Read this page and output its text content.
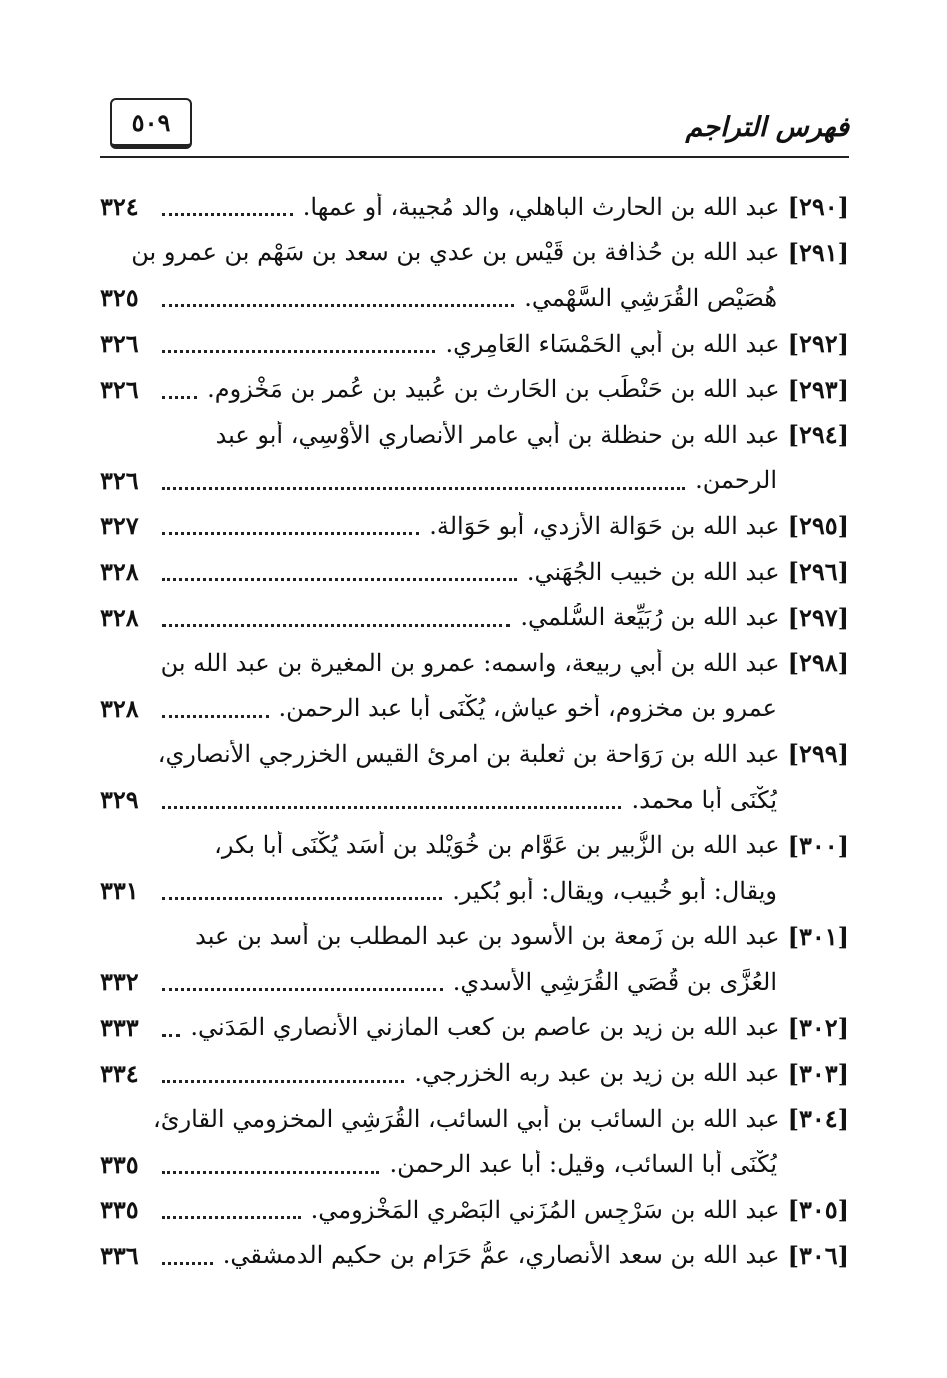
٥٠٩	فهرس التراجم
[٢٩٠]
عبد الله بن الحارث الباهلي، والد مُجيبة، أو عمها.
٣٢٤
[٢٩١]
عبد الله بن حُذافة بن قَيْس بن عدي بن سعد بن سَهْم بن عمرو بن
هُصَيْص القُرَشِي السَّهْمي.
٣٢٥
[٢٩٢]
عبد الله بن أبي الحَمْسَاء العَامِري.
٣٢٦
[٢٩٣]
عبد الله بن حَنْطَب بن الحَارِث بن عُبيد بن عُمر بن مَخْزوم.
٣٢٦
[٢٩٤]
عبد الله بن حنظلة بن أبي عامر الأنصاري الأَوْسِي، أبو عبد
الرحمن.
٣٢٦
[٢٩٥]
عبد الله بن حَوَالة الأزدي، أبو حَوَالة.
٣٢٧
[٢٩٦]
عبد الله بن خبيب الجُهَني.
٣٢٨
[٢٩٧]
عبد الله بن رُبَيِّعة السُّلمي.
٣٢٨
[٢٩٨]
عبد الله بن أبي ربيعة، واسمه: عمرو بن المغيرة بن عبد الله بن
عمرو بن مخزوم، أخو عياش، يُكْنَى أبا عبد الرحمن.
٣٢٨
[٢٩٩]
عبد الله بن رَوَاحة بن ثعلبة بن امرئ القيس الخزرجي الأنصاري،
يُكْنَى أبا محمد.
٣٢٩
[٣٠٠]
عبد الله بن الزُّبير بن عَوَّام بن خُوَيْلد بن أَسَد يُكْنَى أبا بكر،
ويقال: أبو خُبيب، ويقال: أبو بُكير.
٣٣١
[٣٠١]
عبد الله بن زَمعة بن الأسود بن عبد المطلب بن أسد بن عبد
العُزَّى بن قُصَي القُرَشِي الأسدي.
٣٣٢
[٣٠٢]
عبد الله بن زيد بن عاصم بن كعب المازني الأنصاري المَدَني.
٣٣٣
[٣٠٣]
عبد الله بن زيد بن عبد ربه الخزرجي.
٣٣٤
[٣٠٤]
عبد الله بن السائب بن أبي السائب، القُرَشِي المخزومي القارئ،
يُكْنَى أبا السائب، وقيل: أبا عبد الرحمن.
٣٣٥
[٣٠٥]
عبد الله بن سَرْجِس المُزَني البَصْري المَخْزومي.
٣٣٥
[٣٠٦]
عبد الله بن سعد الأنصاري، عمُّ حَرَام بن حكيم الدمشقي.
٣٣٦
